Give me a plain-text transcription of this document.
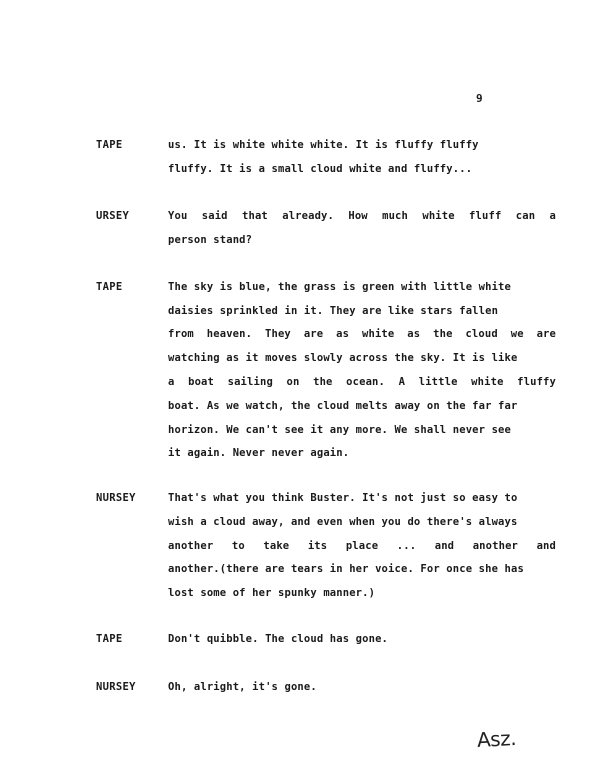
9
TAPE	us. It is white white white. It is fluffy fluffy
fluffy. It is a small cloud white and fluffy...
URSEY	You said that already. How much white fluff can a
person stand?
TAPE	The sky is blue, the grass is green with little white
daisies sprinkled in it. They are like stars fallen
from heaven. They are as white as the cloud we are
watching as it moves slowly across the sky. It is like
a boat sailing on the ocean. A little white fluffy
boat. As we watch, the cloud melts away on the far far
horizon. We can't see it any more. We shall never see
it again. Never never again.
NURSEY	That's what you think Buster. It's not just so easy to
wish a cloud away, and even when you do there's always
another to take its place ... and another and
another.(there are tears in her voice. For once she has
lost some of her spunky manner.)
TAPE	Don't quibble. The cloud has gone.
NURSEY	Oh, alright, it's gone.
Asz.
